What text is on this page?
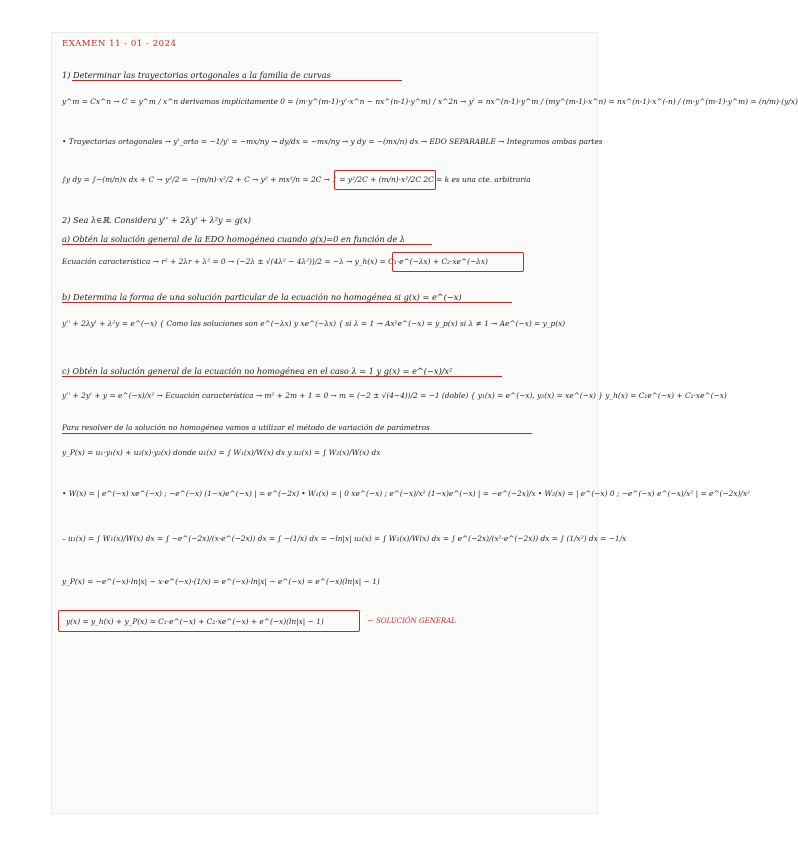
EXAMEN 11 - 01 - 2024
1) Determinar las trayectorias ortogonales a la familia de curvas
y^m = Cx^n → C = y^m / x^n derivamos implícitamente 0 = (m·y^(m-1)·y'·x^n − nx^(n-1)·y^m) / x^2n → y' = nx^(n-1)·y^m / (my^(m-1)·x^n) = nx^(n-1)·x^(-n) / (m·y^(m-1)·y^m) = (n/m)·(y/x)
• Trayectorias ortogonales → y'_orto = −1/y' = −mx/ny → dy/dx = −mx/ny → y dy = −(mx/n) dx → EDO SEPARABLE → Integramos ambas partes
∫y dy = ∫−(m/n)x dx + C → y²/2 = −(m/n)·x²/2 + C → y² + mx²/n = 2C → 1 = y²/2C + (m/n)·x²/2C 2C = k es una cte. arbitraria
2) Sea λ∈ℝ. Considera y'' + 2λy' + λ²y = g(x)
a) Obtén la solución general de la EDO homogénea cuando g(x)=0 en función de λ
Ecuación característica → r² + 2λr + λ² = 0 → (−2λ ± √(4λ² − 4λ²))/2 = −λ → y_h(x) = C₁·e^(−λx) + C₂·xe^(−λx)
b) Determina la forma de una solución particular de la ecuación no homogénea si g(x) = e^(−x)
y'' + 2λy' + λ²y = e^(−x) { Como las soluciones son e^(−λx) y xe^(−λx) { si λ = 1 → Ax²e^(−x) = y_p(x) si λ ≠ 1 → Ae^(−x) = y_p(x)
c) Obtén la solución general de la ecuación no homogénea en el caso λ = 1 y g(x) = e^(−x)/x²
y'' + 2y' + y = e^(−x)/x² → Ecuación característica → m² + 2m + 1 = 0 → m = (−2 ± √(4−4))/2 = −1 (doble) { y₁(x) = e^(−x), y₂(x) = xe^(−x) } y_h(x) = C₁e^(−x) + C₂·xe^(−x)
Para resolver de la solución no homogénea vamos a utilizar el método de variación de parámetros
y_P(x) = u₁·y₁(x) + u₂(x)·y₂(x) donde u₁(x) = ∫ W₁(x)/W(x) dx y u₂(x) = ∫ W₂(x)/W(x) dx
• W(x) = | e^(−x) xe^(−x) ; −e^(−x) (1−x)e^(−x) | = e^(−2x) • W₁(x) = | 0 xe^(−x) ; e^(−x)/x² (1−x)e^(−x) | = −e^(−2x)/x • W₂(x) = | e^(−x) 0 ; −e^(−x) e^(−x)/x² | = e^(−2x)/x²
– u₁(x) = ∫ W₁(x)/W(x) dx = ∫ −e^(−2x)/(x·e^(−2x)) dx = ∫ −(1/x) dx = −ln|x| u₂(x) = ∫ W₂(x)/W(x) dx = ∫ e^(−2x)/(x²·e^(−2x)) dx = ∫ (1/x²) dx = −1/x
y_P(x) = −e^(−x)·ln|x| − x·e^(−x)·(1/x) = e^(−x)·ln|x| − e^(−x) = e^(−x)(ln|x| − 1)
y(x) = y_h(x) + y_P(x) = C₁·e^(−x) + C₂·xe^(−x) + e^(−x)(ln|x| − 1)	← SOLUCIÓN GENERAL
